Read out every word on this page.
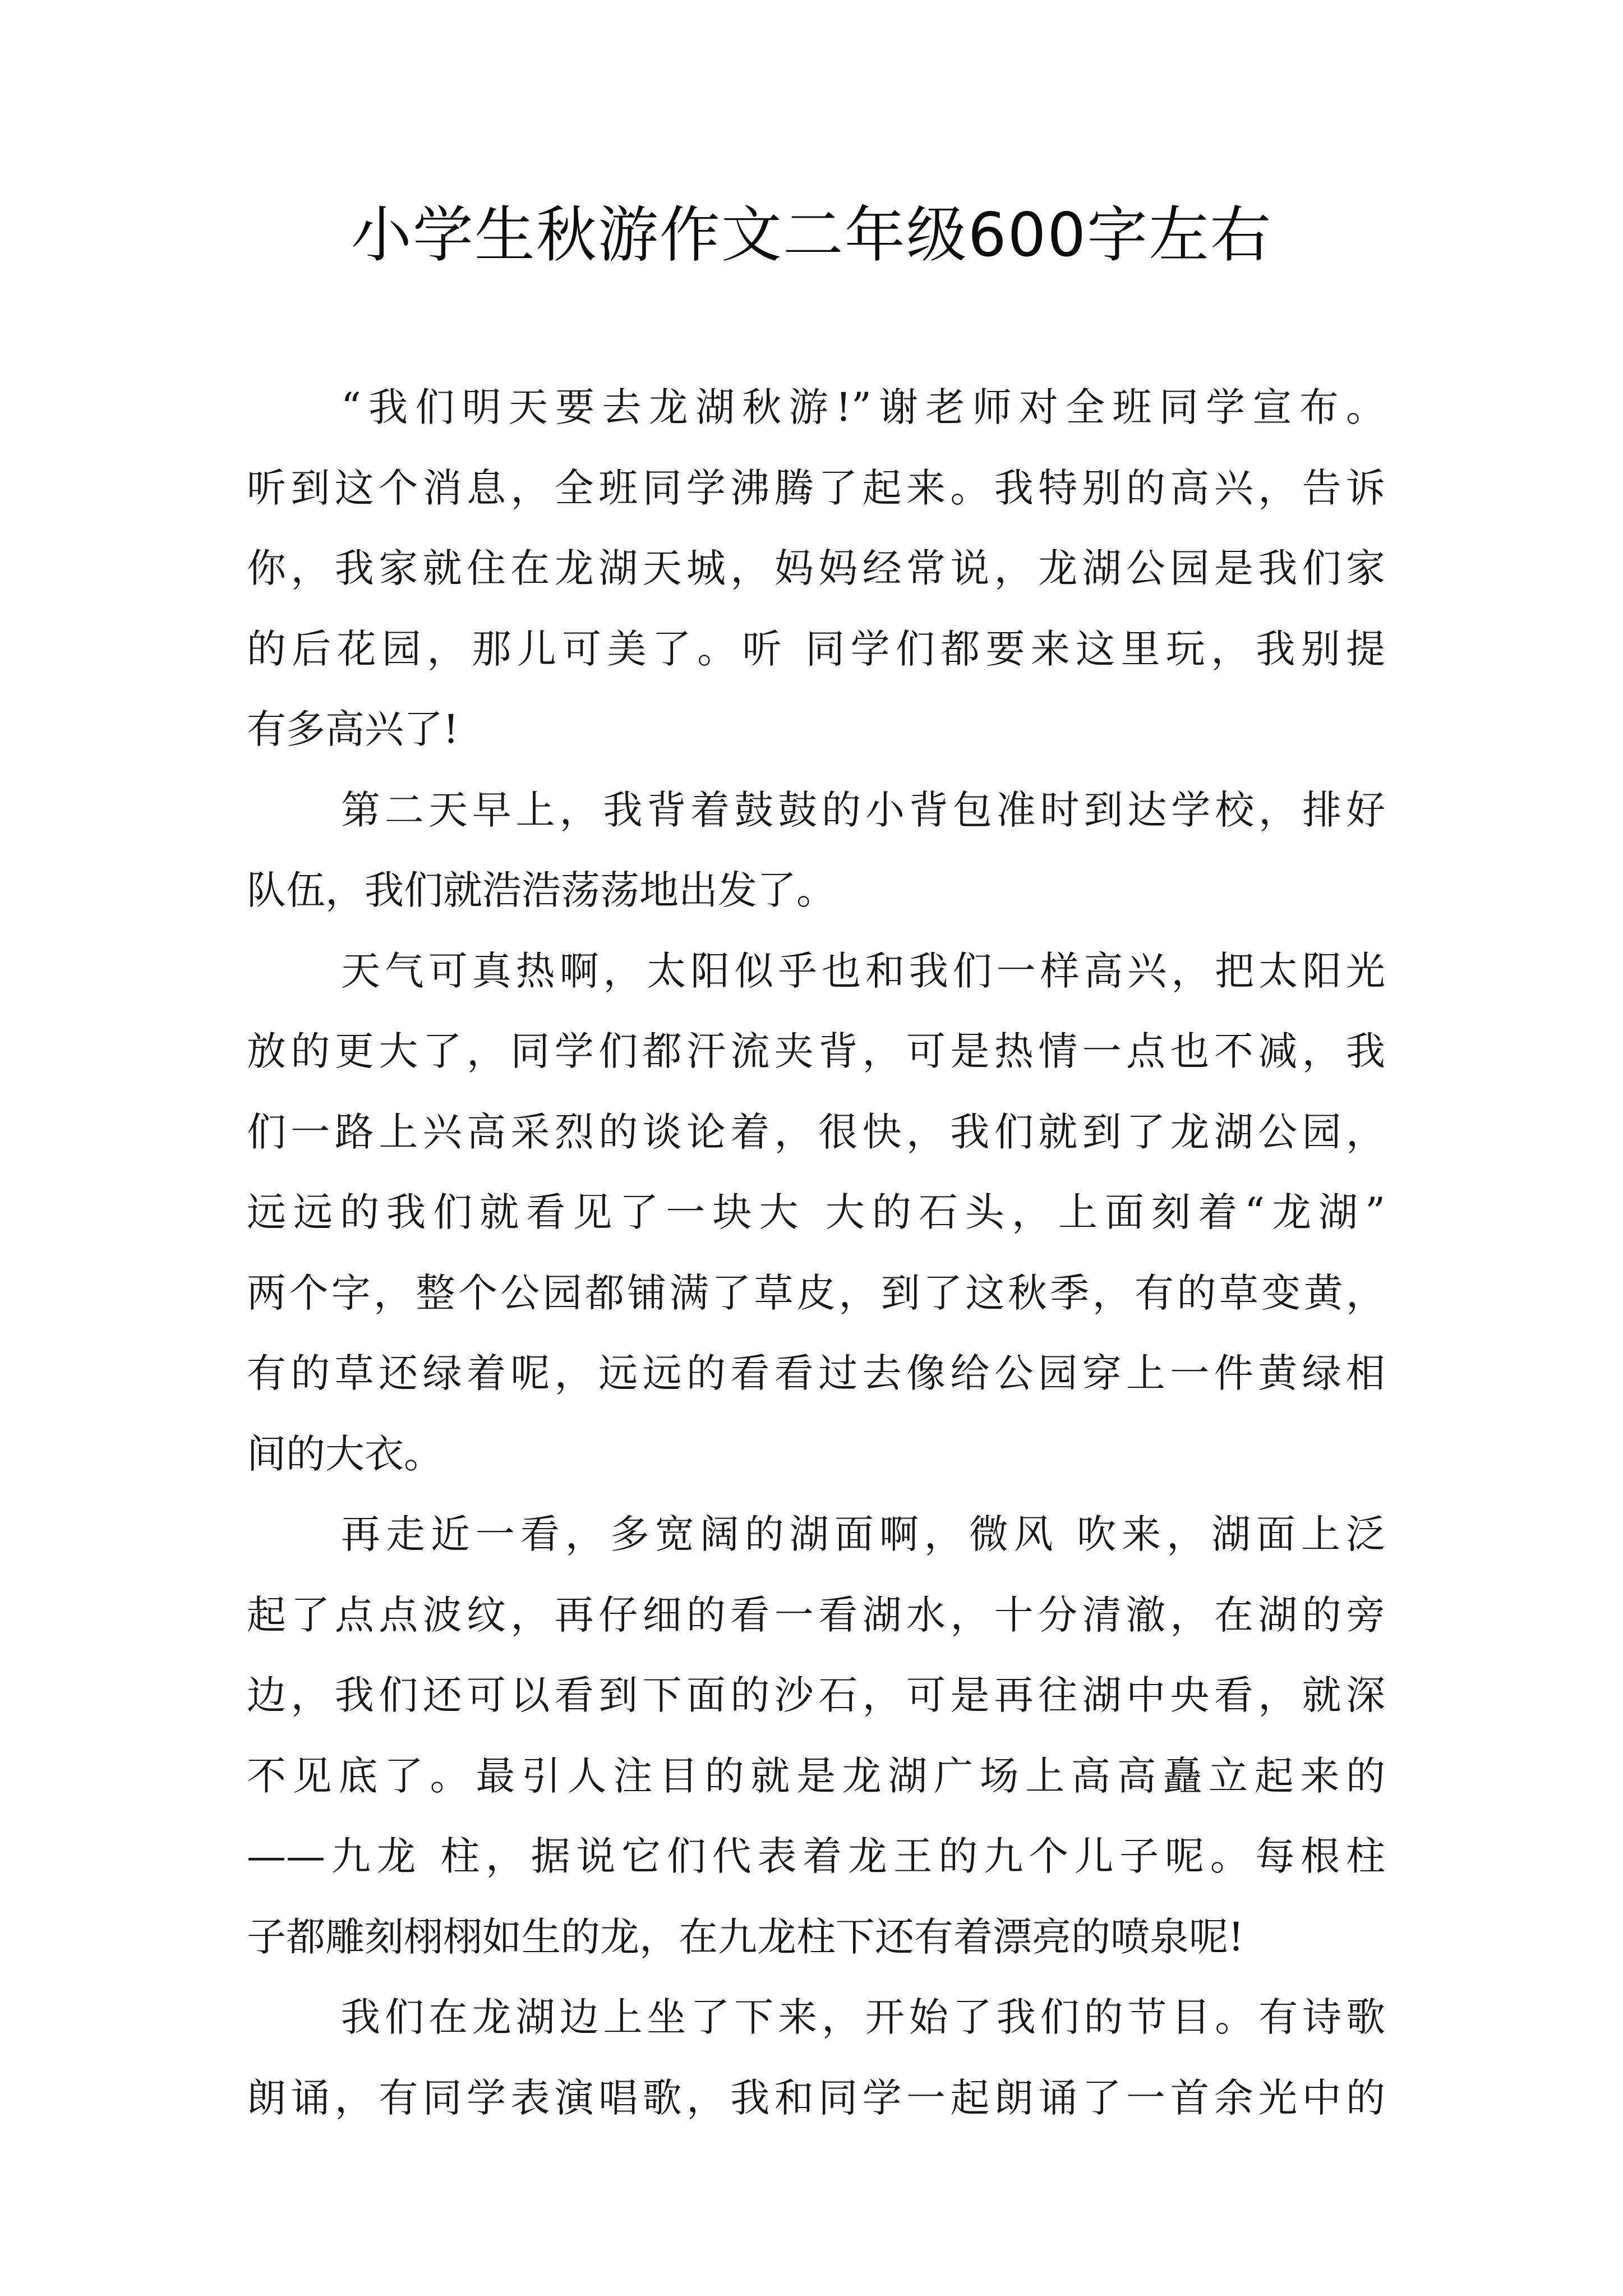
小学生秋游作文二年级600字左右
“我们明天要去龙湖秋游!”谢老师对全班同学宣布。
听到这个消息，全班同学沸腾了起来。我特别的高兴，告诉
你，我家就住在龙湖天城，妈妈经常说，龙湖公园是我们家
的后花园，那儿可美了。听 同学们都要来这里玩，我别提
有多高兴了!
第二天早上，我背着鼓鼓的小背包准时到达学校，排好
队伍，我们就浩浩荡荡地出发了。
天气可真热啊，太阳似乎也和我们一样高兴，把太阳光
放的更大了，同学们都汗流夹背，可是热情一点也不减，我
们一路上兴高采烈的谈论着，很快，我们就到了龙湖公园，
远远的我们就看见了一块大 大的石头，上面刻着“龙湖”
两个字，整个公园都铺满了草皮，到了这秋季，有的草变黄，
有的草还绿着呢，远远的看看过去像给公园穿上一件黄绿相
间的大衣。
再走近一看，多宽阔的湖面啊，微风 吹来，湖面上泛
起了点点波纹，再仔细的看一看湖水，十分清澈，在湖的旁
边，我们还可以看到下面的沙石，可是再往湖中央看，就深
不见底了。最引人注目的就是龙湖广场上高高矗立起来的
——九龙 柱，据说它们代表着龙王的九个儿子呢。每根柱
子都雕刻栩栩如生的龙，在九龙柱下还有着漂亮的喷泉呢!
我们在龙湖边上坐了下来，开始了我们的节目。有诗歌
朗诵，有同学表演唱歌，我和同学一起朗诵了一首余光中的
